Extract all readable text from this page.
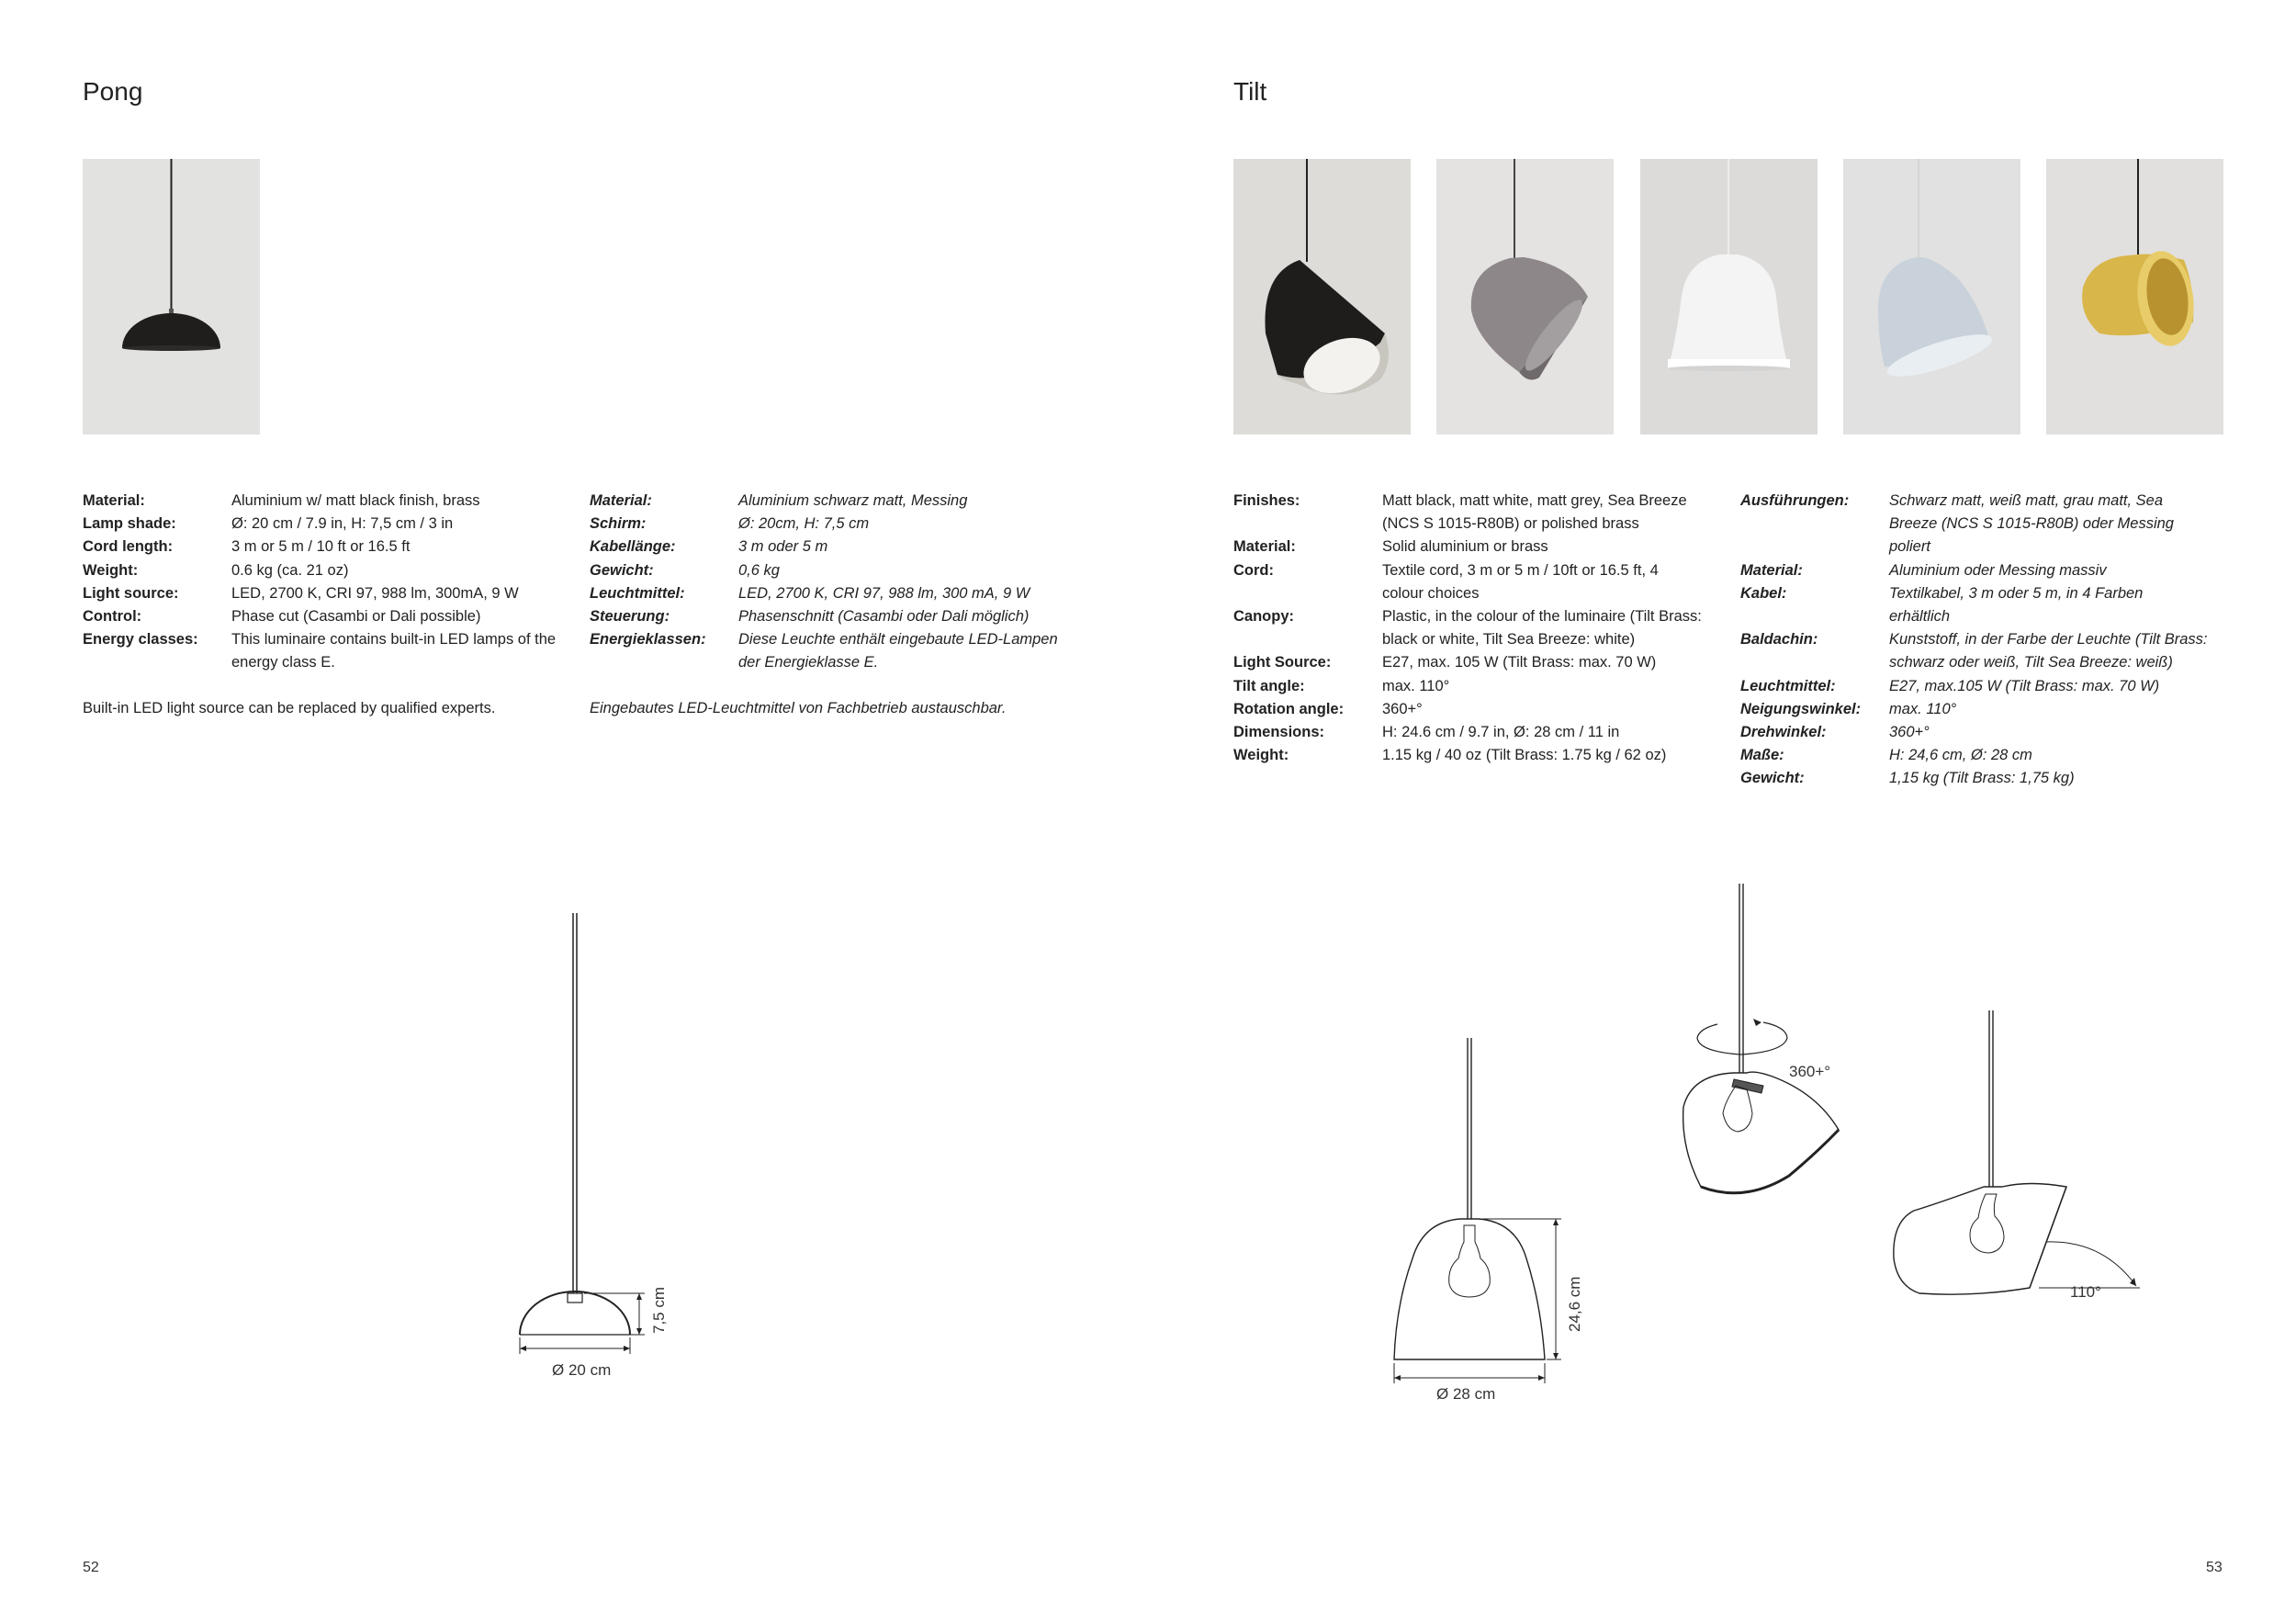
Pong
Material:	Aluminium w/ matt black finish, brass
Lamp shade:	Ø: 20 cm / 7.9 in, H: 7,5 cm / 3 in
Cord length:	3 m or 5 m / 10 ft or 16.5 ft
Weight:	0.6 kg (ca. 21 oz)
Light source:	LED, 2700 K, CRI 97, 988 lm, 300mA, 9 W
Control:	Phase cut (Casambi or Dali possible)
Energy classes:	This luminaire contains built-in LED lamps of the energy class E.
Material:	Aluminium schwarz matt, Messing
Schirm:	Ø: 20cm, H: 7,5 cm
Kabellänge:	3 m oder 5 m
Gewicht:	0,6 kg
Leuchtmittel:	LED, 2700 K, CRI 97, 988 lm, 300 mA, 9 W
Steuerung:	Phasenschnitt (Casambi oder Dali möglich)
Energieklassen:	Diese Leuchte enthält eingebaute LED-Lampen der Energieklasse E.
Built-in LED light source can be replaced by qualified experts.	Eingebautes LED-Leuchtmittel von Fachbetrieb austauschbar.
7,5 cm
Ø 20 cm
52
Tilt
Finishes:	Matt black, matt white, matt grey, Sea Breeze (NCS S 1015-R80B) or polished brass
Material:	Solid aluminium or brass
Cord:	Textile cord, 3 m or 5 m / 10ft or 16.5 ft, 4 colour choices
Canopy:	Plastic, in the colour of the luminaire (Tilt Brass: black or white, Tilt Sea Breeze: white)
Light Source:	E27, max. 105 W (Tilt Brass: max. 70 W)
Tilt angle:	max. 110°
Rotation angle:	360+°
Dimensions:	H: 24.6 cm / 9.7 in, Ø: 28 cm / 11 in
Weight:	1.15 kg / 40 oz (Tilt Brass: 1.75 kg / 62 oz)
Ausführungen:	Schwarz matt, weiß matt, grau matt, Sea Breeze (NCS S 1015-R80B) oder Messing poliert
Material:	Aluminium oder Messing massiv
Kabel:	Textilkabel, 3 m oder 5 m, in 4 Farben erhältlich
Baldachin:	Kunststoff, in der Farbe der Leuchte (Tilt Brass: schwarz oder weiß, Tilt Sea Breeze: weiß)
Leuchtmittel:	E27, max.105 W (Tilt Brass: max. 70 W)
Neigungswinkel:	max. 110°
Drehwinkel:	360+°
Maße:	H: 24,6 cm, Ø: 28 cm
Gewicht:	1,15 kg (Tilt Brass: 1,75 kg)
24,6 cm
Ø 28 cm
360+°
110°
53
